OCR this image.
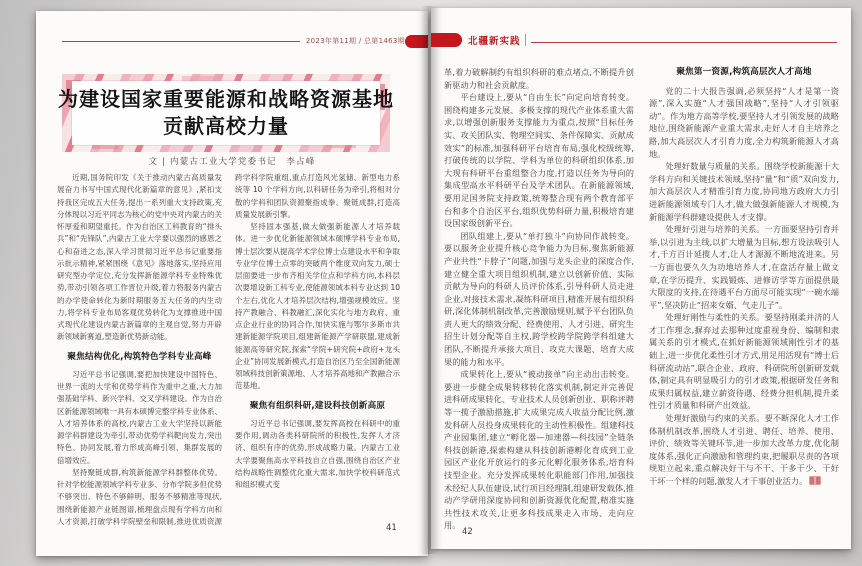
2023年第11期 / 总第1463期
为建设国家重要能源和战略资源基地
贡献高校力量
文 | 内蒙古工业大学党委书记　李占峰

近期,国务院印发《关于推动内蒙古高质量发展奋力书写中国式现代化新篇章的意见》,紧扣支持我区完成五大任务,提出一系列重大支持政策,充分体现以习近平同志为核心的党中央对内蒙古的关怀厚爱和期望重托。作为自治区工科教育的“排头兵”和“先锋队”,内蒙古工业大学要以强烈的感恩之心和奋进之态,深入学习贯彻习近平总书记重要指示批示精神,紧紧围绕《意见》落地落实,坚持应用研究型办学定位,充分发挥新能源学科专业特殊优势,带动引领各项工作晋位升级,着力将服务内蒙古的办学使命转化为新时期服务五大任务的内生动力,将学科专业布局客观优势转化为支撑推进中国式现代化建设内蒙古新篇章的主观自觉,努力开辟新领域新赛道,塑造新优势新动能。

聚焦结构优化,构筑特色学科专业高峰

习近平总书记强调,要把加快建设中国特色、世界一流的大学和优势学科作为重中之重,大力加强基础学科、新兴学科、交叉学科建设。作为自治区新能源领域唯一具有本硕博完整学科专业体系、人才培养体系的高校,内蒙古工业大学坚持以新能源学科群建设为牵引,带动优势学科靶向发力,突出特色、协同发展,着力形成高峰引领、集群发展的倍增效应。

坚持聚链成群,构筑新能源学科群整体优势。针对学校能源领域学科专业多、分布学院多但优势不够突出、特色不够鲜明、服务不够精准等现状,围绕新能源产业链图谱,梳理盘点现有学科方向和人才资源,打破学科学院壁垒和限制,推进优质资源跨学科学院重组,重点打造风光氢储、新型电力系统等 10 个学科方向,以科研任务为牵引,将相对分散的学科和团队资源聚指成拳、聚链成群,打造高质量发展新引擎。

坚持固本强基,做大做强新能源人才培养载体。进一步优化新能源领域本硕博学科专业布局,博士层次要从提高学术学位博士点建设水平和争取专业学位博士点零的突破两个维度双向发力,硕士层面要进一步布齐相关学位点和学科方向,本科层次要增设新工科专业,使能源领域本科专业达到 10 个左右,优化人才培养层次结构,增强规模效应。坚持产教融合、科教融汇,深化实化与地方政府、重点企业行业的协同合作,加快实施与鄂尔多斯市共建新能源学院项目,组建新能源产学研联盟,建成新能源高等研究院,探索“学院+研究院+政府+龙头企业”协同发展新模式,打造自治区乃至全国新能源领域科技创新策源地、人才培养高地和产教融合示范基地。

聚焦有组织科研,建设科技创新高原

习近平总书记强调,要发挥高校在科研中的重要作用,调动各类科研院所的积极性,发挥人才济济、组织有序的优势,形成战略力量。内蒙古工业大学要聚焦高水平科技自立自强,围绕自治区产业结构战略性调整优化重大需求,加快学校科研范式和组织模式变

41
北疆新实践

革,着力破解制约有组织科研的难点堵点,不断提升创新驱动力和社会贡献度。

平台建设上,要从“自由生长”向定向培育转变。围绕构建多元发展、多极支撑的现代产业体系重大需求,以增强创新服务支撑能力为重点,按照“目标任务实、攻关团队实、物理空间实、条件保障实、贡献成效实”的标准,加强科研平台培育布局,强化校级统筹,打破传统的以学院、学科为单位的科研组织体系,加大现有科研平台重组整合力度,打造以任务为导向的集成型高水平科研平台及学术团队。在新能源领域,要用足国务院支持政策,统筹整合现有两个教育部平台和多个自治区平台,组织优势科研力量,积极培育建设国家级创新平台。

团队组建上,要从“单打独斗”向协同作战转变。要以服务企业提升核心竞争能力为目标,聚焦新能源产业共性“卡脖子”问题,加强与龙头企业的深度合作,建立健全重大项目组织机制,建立以创新价值、实际贡献为导向的科研人员评价体系,引导科研人员走进企业,对接技术需求,凝练科研项目,精准开展有组织科研,深化体制机制改革,完善激励规则,赋予平台团队负责人更大的绩效分配、经费使用、人才引进、研究生招生计划分配等自主权,跨学校跨学院跨学科组建大团队,不断提升承接大项目、攻克大课题、培育大成果的能力和水平。

成果转化上,要从“被动接单”向主动出击转变。要进一步健全成果转移转化落实机制,制定并完善促进科研成果转化、专业技术人员创新创业、职称评聘等一揽子激励措施,扩大成果完成人收益分配比例,激发科研人员投身成果转化的主动性积极性。组建科技产业园集团,建立“孵化器—加速器—科技园”全链条科技创新港,探索构建从科技创新港孵化育成到工业园区产业化开放运行的多元化孵化服务体系,培育科技型企业。充分发挥成果转化职能部门作用,加强技术经纪人队伍建设,试行项目经理制,组建研发载体,推动产学研用深度协同和创新资源优化配置,精准实施共性技术攻关,让更多科技成果走入市场、走向应用。

聚焦第一资源,构筑高层次人才高地

党的二十大报告强调,必须坚持“人才是第一资源”,深入实施“人才强国战略”,坚持“人才引领驱动”。作为地方高等学校,要坚持人才引领发展的战略地位,围绕新能源产业重大需求,走好人才自主培养之路,加大高层次人才引育力度,全力构筑新能源人才高地。

处理好数量与质量的关系。围绕学校新能源十大学科方向和关键技术领域,坚持“量”和“质”双向发力,加大高层次人才精准引育力度,协同地方政府大力引进新能源领域专门人才,做大做强新能源人才规模,为新能源学科群建设提供人才支撑。

处理好引进与培养的关系。一方面要坚持引育并举,以引进为主线,以扩大增量为目标,想方设法吸引人才,千方百计延揽人才,让人才源源不断地流进来。另一方面也要久久为功地培养人才,在盘活存量上做文章,在学历提升、实践锻炼、进修访学等方面提供最大限度的支持,在待遇平台方面尽可能实现“一碗水端平”,坚决防止“招来女婿、气走儿子”。

处理好刚性与柔性的关系。要坚持刚柔并济的人才工作理念,摒弃过去那种过度重视身份、编制和隶属关系的引才模式,在抓好新能源领域刚性引才的基础上,进一步优化柔性引才方式,用足用活现有“博士后科研流动站”,联合企业、政府、科研院所创新研发载体,制定具有明显吸引力的引才政策,根据研发任务和成果归属权益,建立薪资待遇、经费分担机制,提升柔性引才质量和科研产出效益。

处理好激励与约束的关系。要不断深化人才工作体制机制改革,围绕人才引进、聘任、培养、使用、评价、绩效等关键环节,进一步加大改革力度,优化制度体系,强化正向激励和管理约束,把履职尽责的各项规矩立起来,重点解决好干与不干、干多干少、干好干坏一个样的问题,激发人才干事创业活力。

42
